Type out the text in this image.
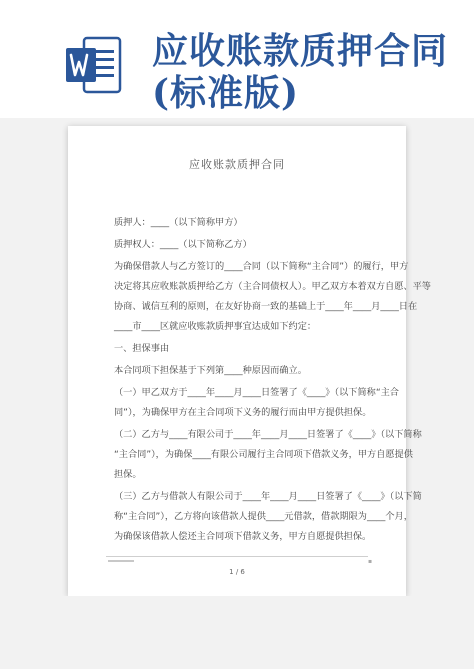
应收账款质押合同
(标准版)
应收账款质押合同
质押人：____（以下简称甲方）
质押权人：____（以下简称乙方）
为确保借款人与乙方签订的____合同（以下简称“主合同”）的履行，甲方
决定将其应收账款质押给乙方（主合同债权人）。甲乙双方本着双方自愿、平等
协商、诚信互利的原则，在友好协商一致的基础上于____年____月____日在
____市____区就应收账款质押事宜达成如下约定：
一、担保事由
本合同项下担保基于下列第____种原因而确立。
（一）甲乙双方于____年____月____日签署了《____》（以下简称“主合
同”），为确保甲方在主合同项下义务的履行而由甲方提供担保。
（二）乙方与____有限公司于____年____月____日签署了《____》（以下简称
“主合同”），为确保____有限公司履行主合同项下借款义务，甲方自愿提供
担保。
（三）乙方与借款人有限公司于____年____月____日签署了《____》（以下简
称“主合同”），乙方将向该借款人提供____元借款，借款期限为____个月，
为确保该借款人偿还主合同项下借款义务，甲方自愿提供担保。
▪
1 / 6
